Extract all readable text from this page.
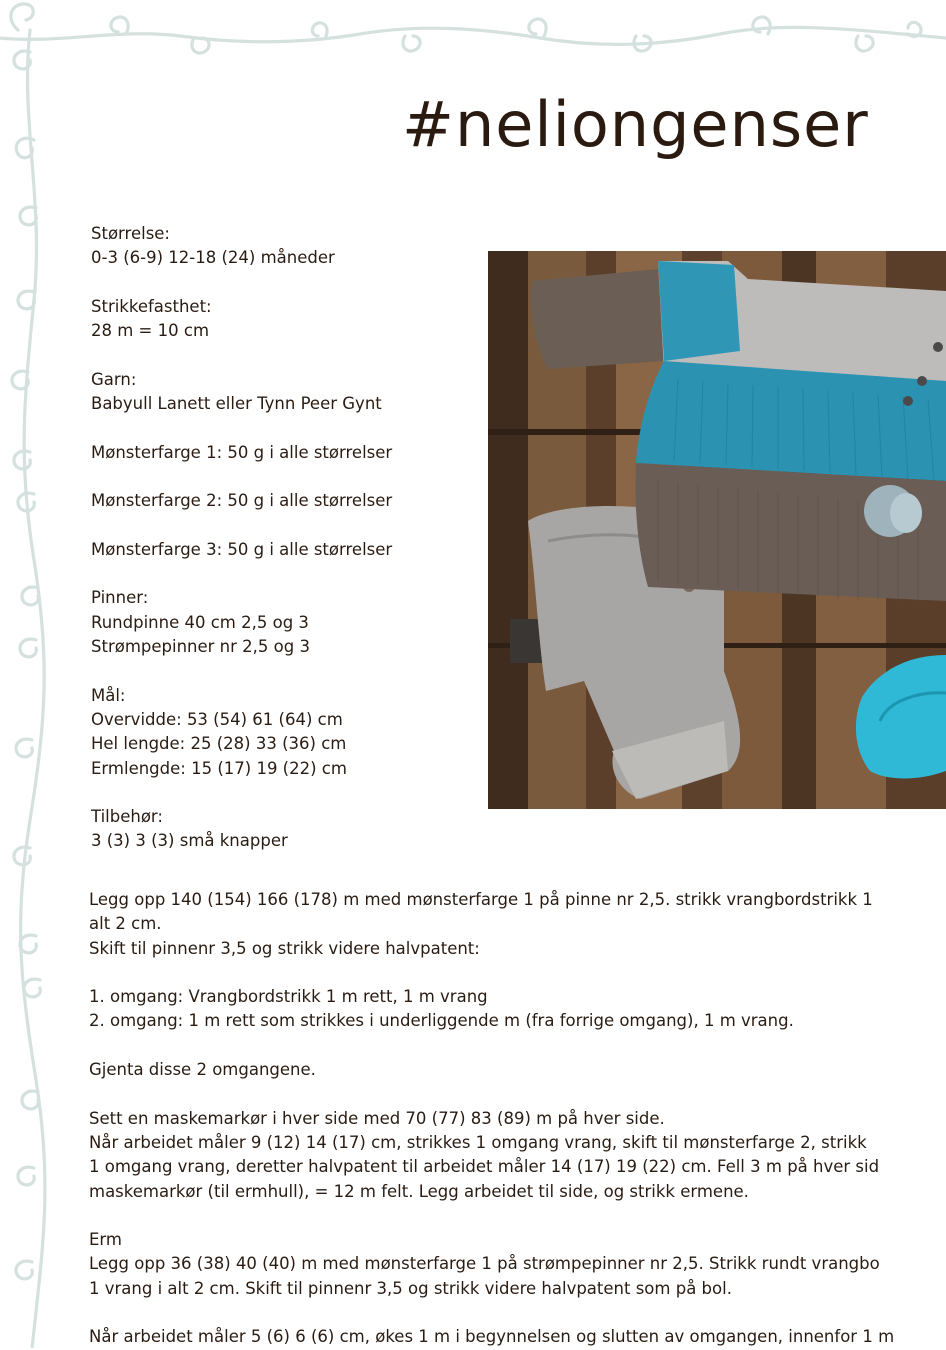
#neliongenser
Størrelse:
0-3 (6-9) 12-18 (24) måneder

Strikkefasthet:
28 m = 10 cm

Garn:
Babyull Lanett eller Tynn Peer Gynt

Mønsterfarge 1: 50 g i alle størrelser

Mønsterfarge 2: 50 g i alle størrelser

Mønsterfarge 3: 50 g i alle størrelser

Pinner:
Rundpinne 40 cm 2,5 og 3
Strømpepinner nr 2,5 og 3

Mål:
Overvidde: 53 (54) 61 (64) cm
Hel lengde: 25 (28) 33 (36) cm
Ermlengde: 15 (17) 19 (22) cm

Tilbehør:
3 (3) 3 (3) små knapper
Legg opp 140 (154) 166 (178) m med mønsterfarge 1 på pinne nr 2,5. strikk vrangbordstrikk 1
alt 2 cm.
Skift til pinnenr 3,5 og strikk videre halvpatent:

1. omgang: Vrangbordstrikk 1 m rett, 1 m vrang
2. omgang: 1 m rett som strikkes i underliggende m (fra forrige omgang), 1 m vrang.

Gjenta disse 2 omgangene.

Sett en maskemarkør i hver side med 70 (77) 83 (89) m på hver side.
Når arbeidet måler 9 (12) 14 (17) cm, strikkes 1 omgang vrang, skift til mønsterfarge 2, strikk
1 omgang vrang, deretter halvpatent til arbeidet måler 14 (17) 19 (22) cm. Fell 3 m på hver sid
maskemarkør (til ermhull), = 12 m felt. Legg arbeidet til side, og strikk ermene.

Erm
Legg opp 36 (38) 40 (40) m med mønsterfarge 1 på strømpepinner nr 2,5. Strikk rundt vrangbo
1 vrang i alt 2 cm. Skift til pinnenr 3,5 og strikk videre halvpatent som på bol.

Når arbeidet måler 5 (6) 6 (6) cm, økes 1 m i begynnelsen og slutten av omgangen, innenfor 1 m
